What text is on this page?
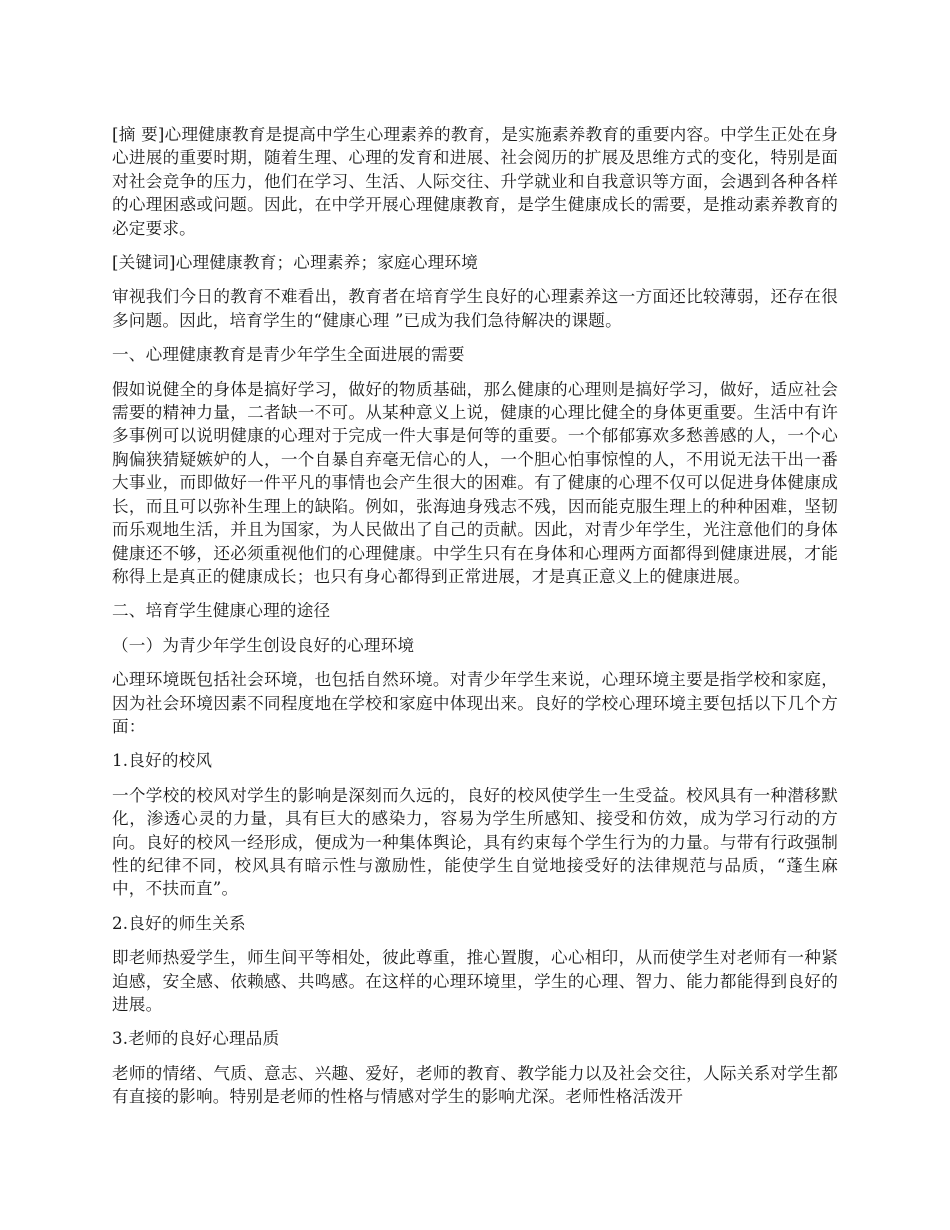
[摘 要]心理健康教育是提高中学生心理素养的教育，是实施素养教育的重要内容。中学生正处在身心进展的重要时期，随着生理、心理的发育和进展、社会阅历的扩展及思维方式的变化，特别是面对社会竞争的压力，他们在学习、生活、人际交往、升学就业和自我意识等方面，会遇到各种各样的心理困惑或问题。因此，在中学开展心理健康教育，是学生健康成长的需要，是推动素养教育的必定要求。

[关键词]心理健康教育；心理素养；家庭心理环境

审视我们今日的教育不难看出，教育者在培育学生良好的心理素养这一方面还比较薄弱，还存在很多问题。因此，培育学生的“健康心理 ”已成为我们急待解决的课题。

一、心理健康教育是青少年学生全面进展的需要

假如说健全的身体是搞好学习，做好的物质基础，那么健康的心理则是搞好学习，做好，适应社会需要的精神力量，二者缺一不可。从某种意义上说，健康的心理比健全的身体更重要。生活中有许多事例可以说明健康的心理对于完成一件大事是何等的重要。一个郁郁寡欢多愁善感的人，一个心胸偏狭猜疑嫉妒的人，一个自暴自弃毫无信心的人，一个胆心怕事惊惶的人，不用说无法干出一番大事业，而即做好一件平凡的事情也会产生很大的困难。有了健康的心理不仅可以促进身体健康成长，而且可以弥补生理上的缺陷。例如，张海迪身残志不残，因而能克服生理上的种种困难，坚韧而乐观地生活，并且为国家，为人民做出了自己的贡献。因此，对青少年学生，光注意他们的身体健康还不够，还必须重视他们的心理健康。中学生只有在身体和心理两方面都得到健康进展，才能称得上是真正的健康成长；也只有身心都得到正常进展，才是真正意义上的健康进展。

二、培育学生健康心理的途径

（一）为青少年学生创设良好的心理环境

心理环境既包括社会环境，也包括自然环境。对青少年学生来说，心理环境主要是指学校和家庭，因为社会环境因素不同程度地在学校和家庭中体现出来。良好的学校心理环境主要包括以下几个方面：

1.良好的校风

一个学校的校风对学生的影响是深刻而久远的，良好的校风使学生一生受益。校风具有一种潜移默化，渗透心灵的力量，具有巨大的感染力，容易为学生所感知、接受和仿效，成为学习行动的方向。良好的校风一经形成，便成为一种集体舆论，具有约束每个学生行为的力量。与带有行政强制性的纪律不同，校风具有暗示性与激励性，能使学生自觉地接受好的法律规范与品质，“蓬生麻中，不扶而直”。

2.良好的师生关系

即老师热爱学生，师生间平等相处，彼此尊重，推心置腹，心心相印，从而使学生对老师有一种紧迫感，安全感、依赖感、共鸣感。在这样的心理环境里，学生的心理、智力、能力都能得到良好的进展。

3.老师的良好心理品质

老师的情绪、气质、意志、兴趣、爱好，老师的教育、教学能力以及社会交往，人际关系对学生都有直接的影响。特别是老师的性格与情感对学生的影响尤深。老师性格活泼开
